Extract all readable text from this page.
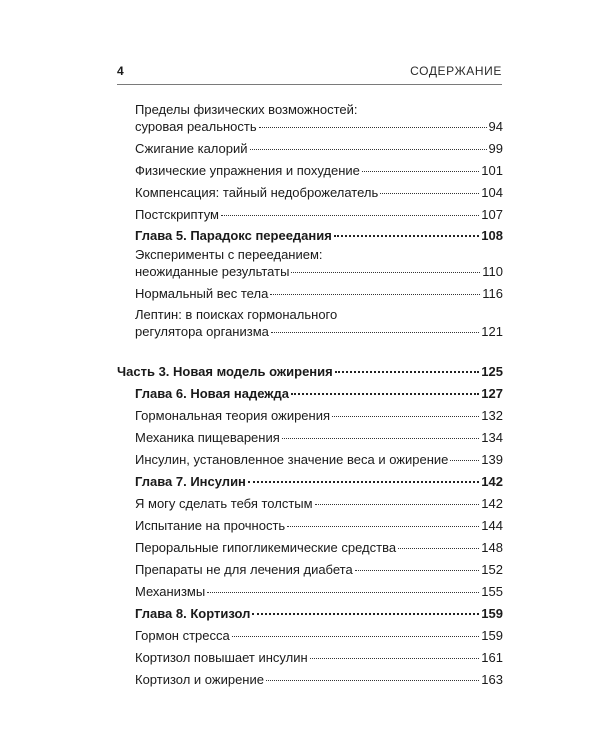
4	СОДЕРЖАНИЕ
Пределы физических возможностей:
суровая реальность	94
Сжигание калорий	99
Физические упражнения и похудение	101
Компенсация: тайный недоброжелатель	104
Постскриптум	107
Глава 5. Парадокс переедания	108
Эксперименты с перееданием:
неожиданные результаты	110
Нормальный вес тела	116
Лептин: в поисках гормонального
регулятора организма	121
Часть 3. Новая модель ожирения	125
Глава 6. Новая надежда	127
Гормональная теория ожирения	132
Механика пищеварения	134
Инсулин, установленное значение веса и ожирение	139
Глава 7. Инсулин	142
Я могу сделать тебя толстым	142
Испытание на прочность	144
Пероральные гипогликемические средства	148
Препараты не для лечения диабета	152
Механизмы	155
Глава 8. Кортизол	159
Гормон стресса	159
Кортизол повышает инсулин	161
Кортизол и ожирение	163
